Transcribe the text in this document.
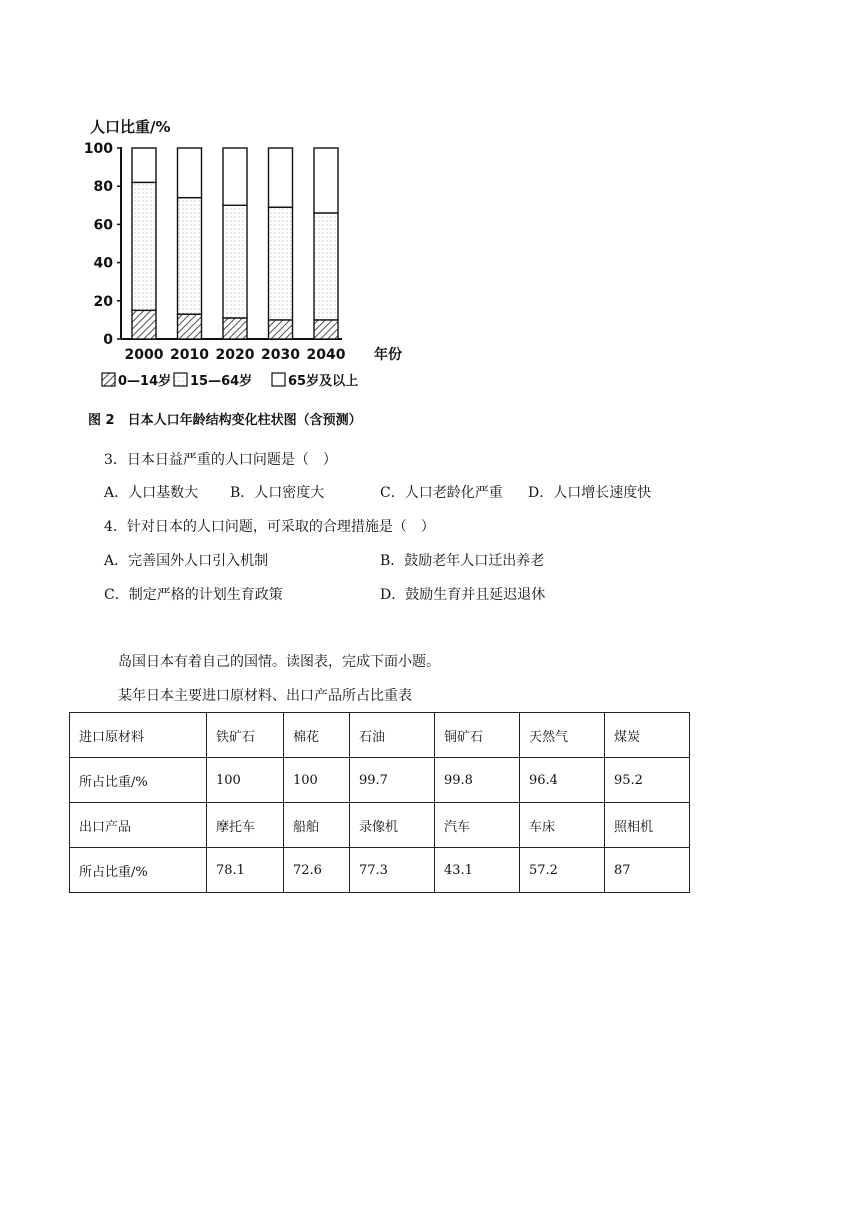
人口比重/%
0
20
40
60
80
100
2000 2010 2020 2030 2040 年份
0—14岁 15—64岁	65岁及以上
图 2　日本人口年龄结构变化柱状图（含预测）
3．日本日益严重的人口问题是（　）
A．人口基数大 B．人口密度大	C．人口老龄化严重 D．人口增长速度快
4．针对日本的人口问题，可采取的合理措施是（　）
A．完善国外人口引入机制	B．鼓励老年人口迁出养老
C．制定严格的计划生育政策	D．鼓励生育并且延迟退休
岛国日本有着自己的国情。读图表，完成下面小题。
某年日本主要进口原材料、出口产品所占比重表
进口原材料	铁矿石	棉花	石油	铜矿石	天然气	煤炭
所占比重/%	100	100	99.7	99.8	96.4	95.2
出口产品	摩托车	船舶	录像机	汽车	车床	照相机
所占比重/%	78.1	72.6	77.3	43.1	57.2	87
